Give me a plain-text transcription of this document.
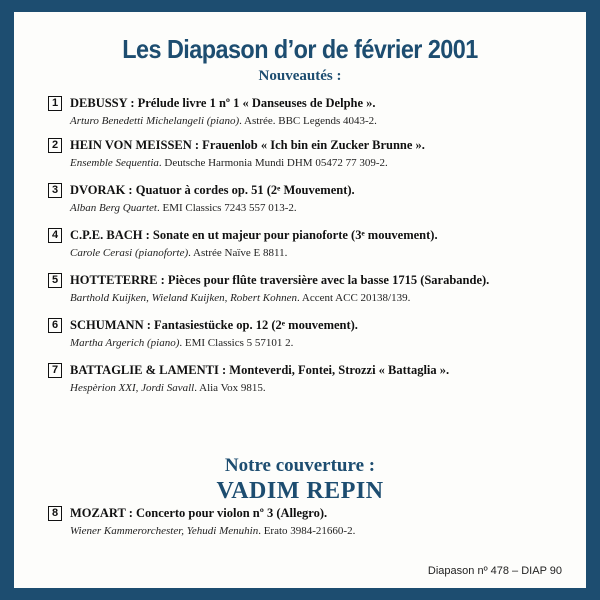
Les Diapason d’or de février 2001
Nouveautés :
1 DEBUSSY : Prélude livre 1 nº 1 « Danseuses de Delphe ».
Arturo Benedetti Michelangeli (piano). Astrée. BBC Legends 4043-2.
2 HEIN VON MEISSEN : Frauenlob « Ich bin ein Zucker Brunne ».
Ensemble Sequentia. Deutsche Harmonia Mundi DHM 05472 77 309-2.
3 DVORAK : Quatuor à cordes op. 51 (2ᵉ Mouvement).
Alban Berg Quartet. EMI Classics 7243 557 013-2.
4 C.P.E. BACH : Sonate en ut majeur pour pianoforte (3ᵉ mouvement).
Carole Cerasi (pianoforte). Astrée Naïve E 8811.
5 HOTTETERRE : Pièces pour flûte traversière avec la basse 1715 (Sarabande).
Barthold Kuijken, Wieland Kuijken, Robert Kohnen. Accent ACC 20138/139.
6 SCHUMANN : Fantasiestücke op. 12 (2ᵉ mouvement).
Martha Argerich (piano). EMI Classics 5 57101 2.
7 BATTAGLIE & LAMENTI : Monteverdi, Fontei, Strozzi « Battaglia ».
Hespèrion XXI, Jordi Savall. Alia Vox 9815.
Notre couverture :
VADIM REPIN
8 MOZART : Concerto pour violon nº 3 (Allegro).
Wiener Kammerorchester, Yehudi Menuhin. Erato 3984-21660-2.
Diapason nº 478 – DIAP 90
